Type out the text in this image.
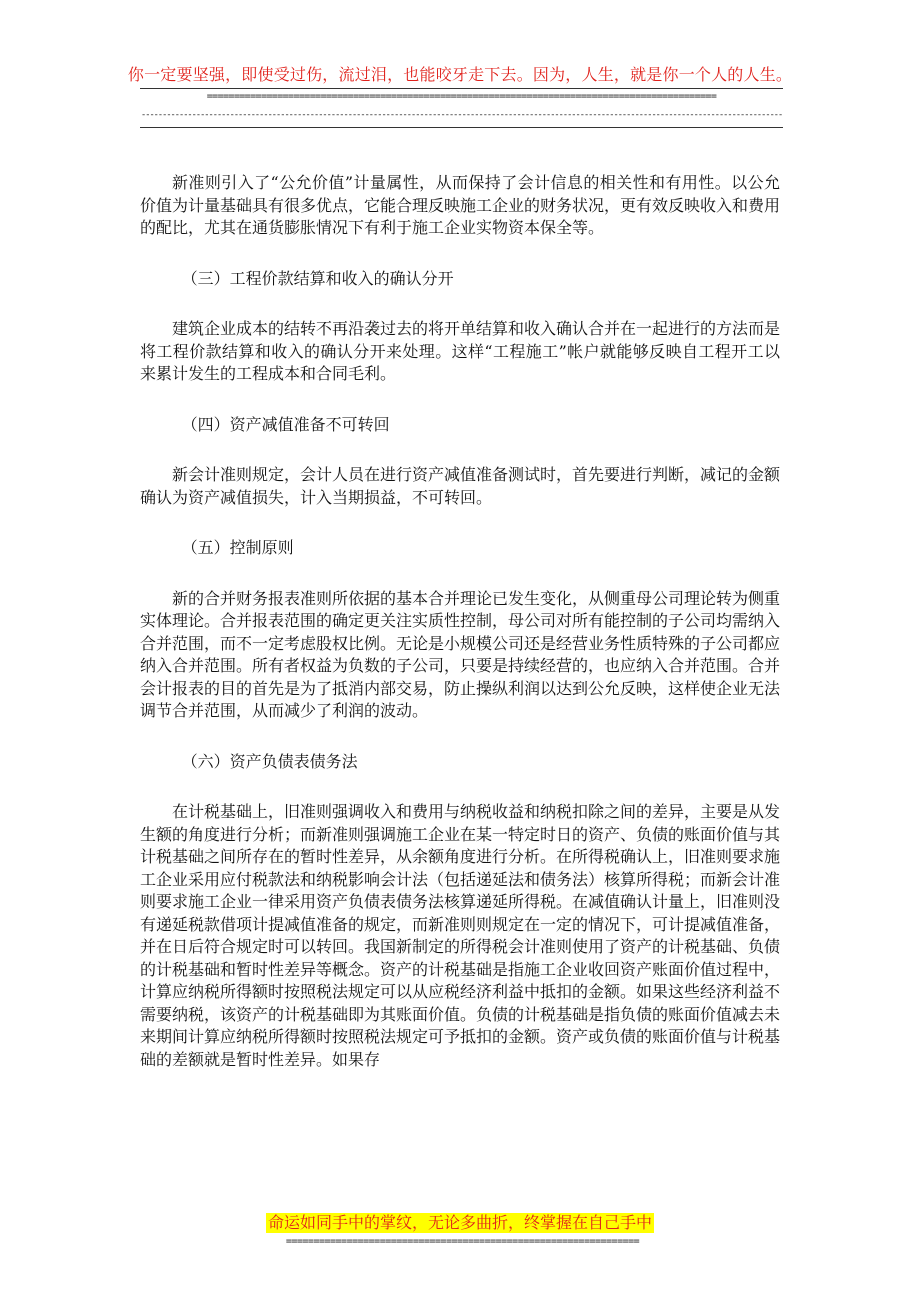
你一定要坚强，即使受过伤，流过泪，也能咬牙走下去。因为，人生，就是你一个人的人生。
==============================================================================================
--------------------------------------------------------------------------------------------------------------------------------------------------------

新准则引入了“公允价值”计量属性，从而保持了会计信息的相关性和有用性。以公允价值为计量基础具有很多优点，它能合理反映施工企业的财务状况，更有效反映收入和费用的配比，尤其在通货膨胀情况下有利于施工企业实物资本保全等。

（三）工程价款结算和收入的确认分开

建筑企业成本的结转不再沿袭过去的将开单结算和收入确认合并在一起进行的方法而是将工程价款结算和收入的确认分开来处理。这样“工程施工”帐户就能够反映自工程开工以来累计发生的工程成本和合同毛利。

（四）资产减值准备不可转回

新会计准则规定，会计人员在进行资产减值准备测试时，首先要进行判断，减记的金额确认为资产减值损失，计入当期损益，不可转回。

（五）控制原则

新的合并财务报表准则所依据的基本合并理论已发生变化，从侧重母公司理论转为侧重实体理论。合并报表范围的确定更关注实质性控制，母公司对所有能控制的子公司均需纳入合并范围，而不一定考虑股权比例。无论是小规模公司还是经营业务性质特殊的子公司都应纳入合并范围。所有者权益为负数的子公司，只要是持续经营的，也应纳入合并范围。合并会计报表的目的首先是为了抵消内部交易，防止操纵利润以达到公允反映，这样使企业无法调节合并范围，从而减少了利润的波动。

（六）资产负债表债务法

在计税基础上，旧准则强调收入和费用与纳税收益和纳税扣除之间的差异，主要是从发生额的角度进行分析；而新准则强调施工企业在某一特定时日的资产、负债的账面价值与其计税基础之间所存在的暂时性差异，从余额角度进行分析。在所得税确认上，旧准则要求施工企业采用应付税款法和纳税影响会计法（包括递延法和债务法）核算所得税；而新会计准则要求施工企业一律采用资产负债表债务法核算递延所得税。在减值确认计量上，旧准则没有递延税款借项计提减值准备的规定，而新准则则规定在一定的情况下，可计提减值准备，并在日后符合规定时可以转回。我国新制定的所得税会计准则使用了资产的计税基础、负债的计税基础和暂时性差异等概念。资产的计税基础是指施工企业收回资产账面价值过程中，计算应纳税所得额时按照税法规定可以从应税经济利益中抵扣的金额。如果这些经济利益不需要纳税，该资产的计税基础即为其账面价值。负债的计税基础是指负债的账面价值减去未来期间计算应纳税所得额时按照税法规定可予抵扣的金额。资产或负债的账面价值与计税基础的差额就是暂时性差异。如果存

命运如同手中的掌纹，无论多曲折，终掌握在自己手中
================================================================
